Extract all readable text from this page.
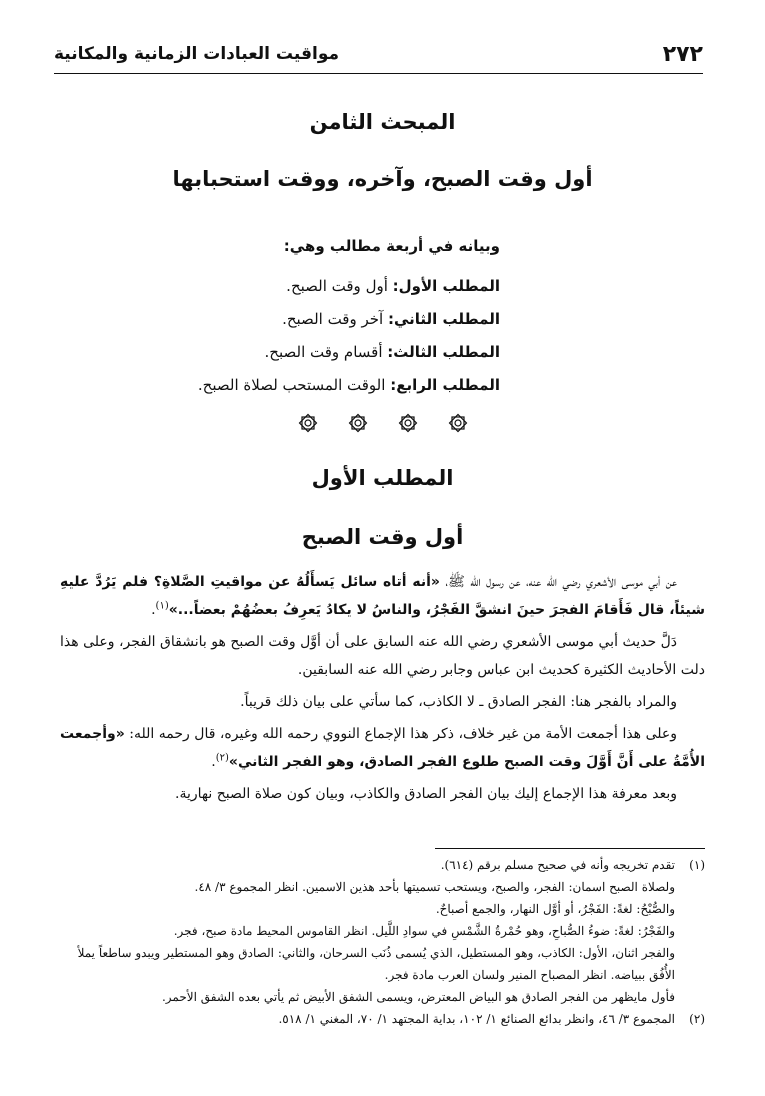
٢٧٢
مواقيت العبادات الزمانية والمكانية
المبحث الثامن
أول وقت الصبح، وآخره، ووقت استحبابها
وبيانه في أربعة مطالب وهي:
المطلب الأول: أول وقت الصبح.
المطلب الثاني: آخر وقت الصبح.
المطلب الثالث: أقسام وقت الصبح.
المطلب الرابع: الوقت المستحب لصلاة الصبح.
المطلب الأول
أول وقت الصبح

عن أبي موسى الأشعري رضي الله عنه، عن رسول الله ﷺ، «أنه أتاه سائل يَسأَلُهُ عن مواقيتِ الصَّلاةِ؟ فلم يَرُدَّ عليهِ شيئاً، قال فَأَقامَ الفجرَ حينَ انشقَّ الفَجْرُ، والناسُ لا يكادُ يَعرِفُ بعضُهُمْ بعضاً...»$^{(١)}$.

دَلَّ حديث أبي موسى الأشعري رضي الله عنه السابق على أن أوَّل وقت الصبح هو بانشقاق الفجر، وعلى هذا دلت الأحاديث الكثيرة كحديث ابن عباس وجابر رضي الله عنه السابقين.

والمراد بالفجر هنا: الفجر الصادق ـ لا الكاذب، كما سأتي على بيان ذلك قريباً.

وعلى هذا أجمعت الأمة من غير خلاف، ذكر هذا الإجماع النووي رحمه الله وغيره، قال رحمه الله: «وأجمعت الأُمَّةُ على أَنَّ أَوَّلَ وقت الصبح طلوع الفجر الصادق، وهو الفجر الثاني»$^{(٢)}$.

وبعد معرفة هذا الإجماع إليك بيان الفجر الصادق والكاذب، وبيان كون صلاة الصبح نهارية.

(١)

تقدم تخريجه وأنه في صحيح مسلم برقم (٦١٤).

ولصلاة الصبح اسمان: الفجر، والصبح، ويستحب تسميتها بأحد هذين الاسمين. انظر المجموع ٣/ ٤٨.

والصُّبْحُ: لغةً: الفَجْرُ، أو أوَّل النهار، والجمع أصباحٌ.

والفَجْرُ: لغةً: ضوءُ الصُّباحِ، وهو حُمْرةُ الشَّمْسِ في سوادِ اللَّيل. انظر القاموس المحيط مادة صبح، فجر.

والفجر اثنان، الأول: الكاذب، وهو المستطيل، الذي يُسمى ذُنَب السرحان، والثاني: الصادق وهو المستطير ويبدو ساطعاً يملأ الأُفُق ببياضه. انظر المصباح المنير ولسان العرب مادة فجر.

فأول مايظهر من الفجر الصادق هو البياض المعترض، ويسمى الشفق الأبيض ثم يأتي بعده الشفق الأحمر.

(٢)

المجموع ٣/ ٤٦، وانظر بدائع الصنائع ١/ ١٠٢، بداية المجتهد ١/ ٧٠، المغني ١/ ٥١٨.
